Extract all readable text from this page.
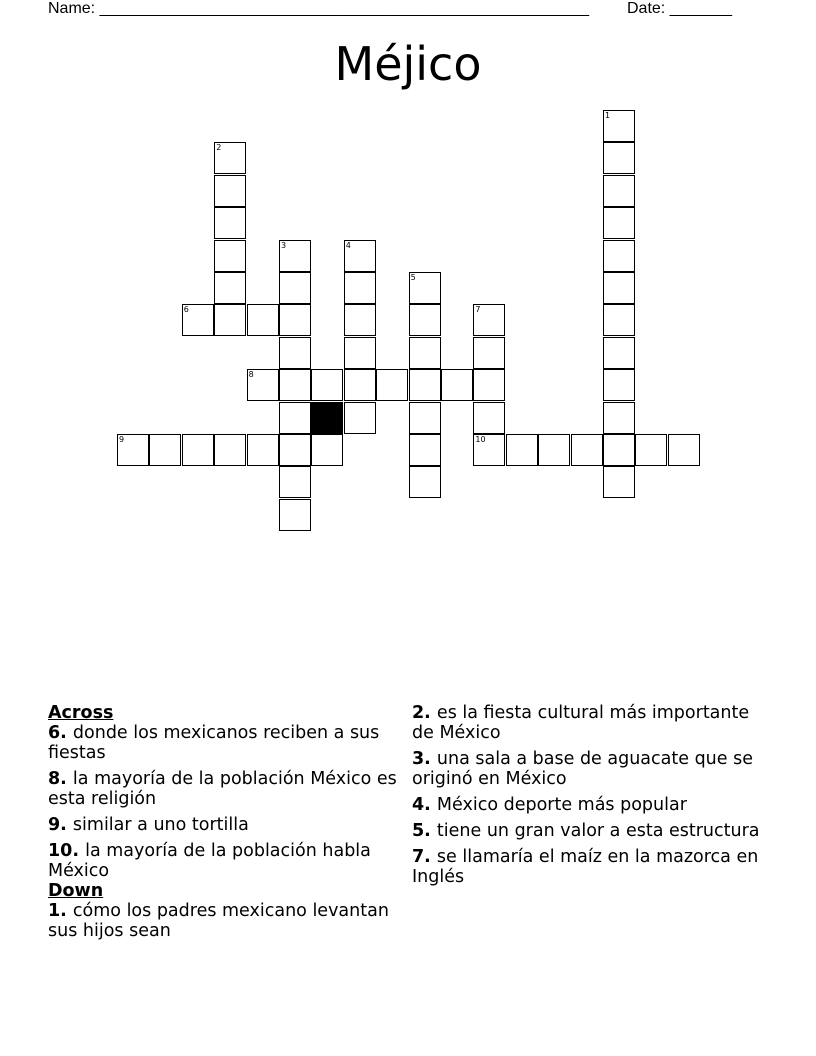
Name: _______________________________________________________ Date: _______
Méjico
1
2
3	4
5
7
6
8
9	10

Across

6. donde los mexicanos reciben a sus fiestas

8. la mayoría de la población México es esta religión

9. similar a uno tortilla

10. la mayoría de la población habla México

Down

1. cómo los padres mexicano levantan sus hijos sean

2. es la fiesta cultural más importante de México

3. una sala a base de aguacate que se originó en México

4. México deporte más popular

5. tiene un gran valor a esta estructura

7. se llamaría el maíz en la mazorca en Inglés
